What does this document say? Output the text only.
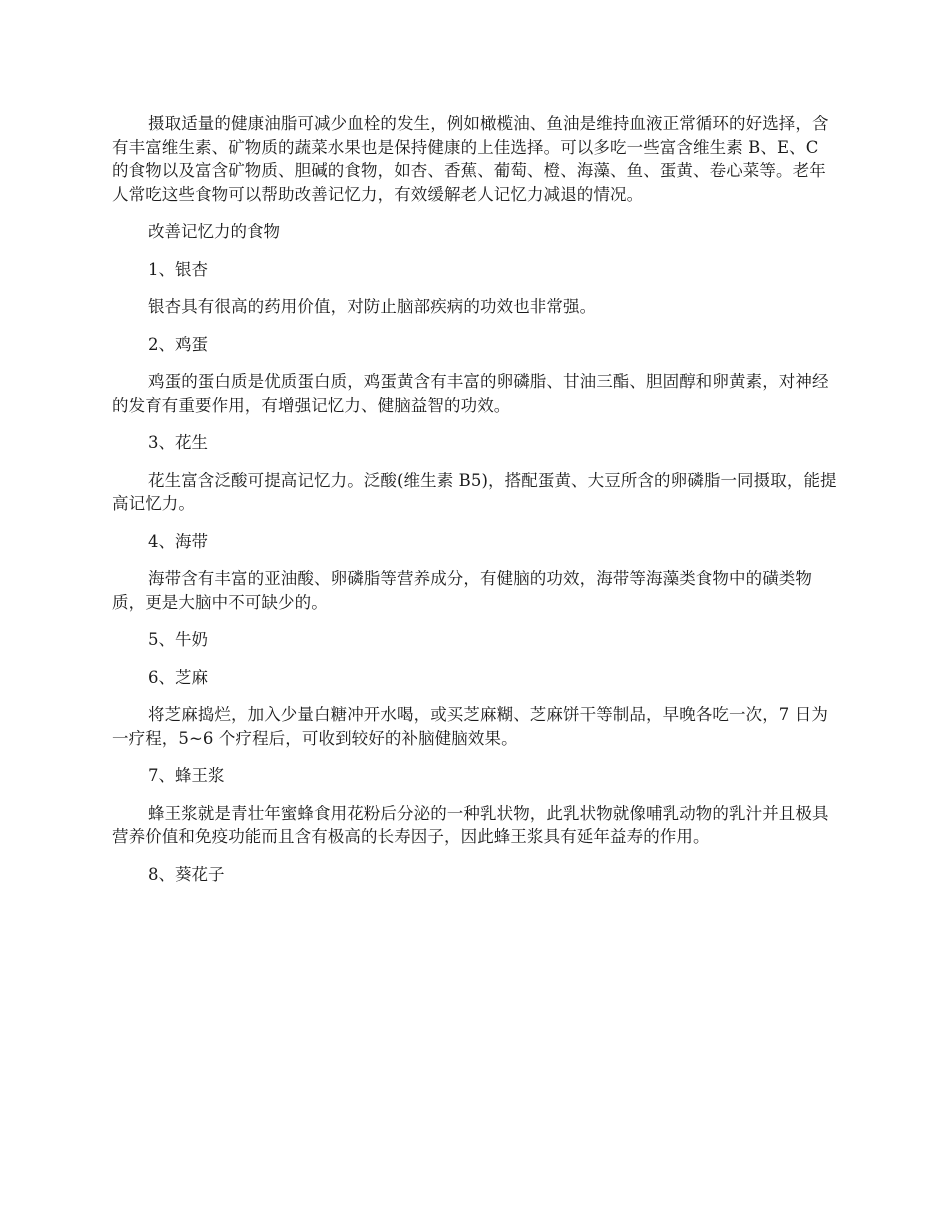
摄取适量的健康油脂可减少血栓的发生，例如橄榄油、鱼油是维持血液正常循环的好选择，含有丰富维生素、矿物质的蔬菜水果也是保持健康的上佳选择。可以多吃一些富含维生素 B、E、C 的食物以及富含矿物质、胆碱的食物，如杏、香蕉、葡萄、橙、海藻、鱼、蛋黄、卷心菜等。老年人常吃这些食物可以帮助改善记忆力，有效缓解老人记忆力减退的情况。

改善记忆力的食物

1、银杏

银杏具有很高的药用价值，对防止脑部疾病的功效也非常强。

2、鸡蛋

鸡蛋的蛋白质是优质蛋白质，鸡蛋黄含有丰富的卵磷脂、甘油三酯、胆固醇和卵黄素，对神经的发育有重要作用，有增强记忆力、健脑益智的功效。

3、花生

花生富含泛酸可提高记忆力。泛酸(维生素 B5)，搭配蛋黄、大豆所含的卵磷脂一同摄取，能提高记忆力。

4、海带

海带含有丰富的亚油酸、卵磷脂等营养成分，有健脑的功效，海带等海藻类食物中的磺类物质，更是大脑中不可缺少的。

5、牛奶

6、芝麻

将芝麻捣烂，加入少量白糖冲开水喝，或买芝麻糊、芝麻饼干等制品，早晚各吃一次，7 日为一疗程，5~6 个疗程后，可收到较好的补脑健脑效果。

7、蜂王浆

蜂王浆就是青壮年蜜蜂食用花粉后分泌的一种乳状物，此乳状物就像哺乳动物的乳汁并且极具营养价值和免疫功能而且含有极高的长寿因子，因此蜂王浆具有延年益寿的作用。

8、葵花子
